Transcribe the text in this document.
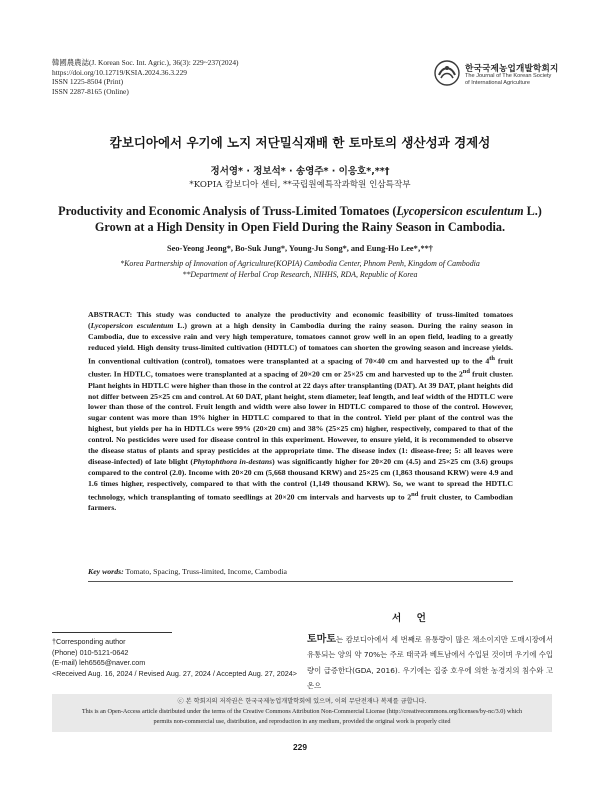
韓國農農誌(J. Korean Soc. Int. Agric.), 36(3): 229~237(2024)
https://doi.org/10.12719/KSIA.2024.36.3.229
ISSN 1225-8504 (Print)
ISSN 2287-8165 (Online)
한국국제농업개발학회지
The Journal of The Korean Society
of International Agriculture
캄보디아에서 우기에 노지 저단밀식재배 한 토마토의 생산성과 경제성
정서영* · 정보석* · 송영주* · 이응호*‚**†
*KOPIA 캄보디아 센터, **국립원예특작과학원 인삼특작부
Productivity and Economic Analysis of Truss-Limited Tomatoes (Lycopersicon esculentum L.)
Grown at a High Density in Open Field During the Rainy Season in Cambodia.
Seo-Yeong Jeong*, Bo-Suk Jung*, Young-Ju Song*, and Eung-Ho Lee*‚**†
*Korea Partnership of Innovation of Agriculture(KOPIA) Cambodia Center, Phnom Penh, Kingdom of Cambodia
**Department of Herbal Crop Research, NIHHS, RDA, Republic of Korea
ABSTRACT: This study was conducted to analyze the productivity and economic feasibility of truss-limited tomatoes (Lycopersicon esculentum L.) grown at a high density in Cambodia during the rainy season. During the rainy season in Cambodia, due to excessive rain and very high temperature, tomatoes cannot grow well in an open field, leading to a greatly reduced yield. High density truss-limited cultivation (HDTLC) of tomatoes can shorten the growing season and increase yields. In conventional cultivation (control), tomatoes were transplanted at a spacing of 70×40 cm and harvested up to the 4th fruit cluster. In HDTLC, tomatoes were transplanted at a spacing of 20×20 cm or 25×25 cm and harvested up to the 2nd fruit cluster. Plant heights in HDTLC were higher than those in the control at 22 days after transplanting (DAT). At 39 DAT, plant heights did not differ between 25×25 cm and control. At 60 DAT, plant height, stem diameter, leaf length, and leaf width of the HDTLC were lower than those of the control. Fruit length and width were also lower in HDTLC compared to those of the control. However, sugar content was more than 19% higher in HDTLC compared to that in the control. Yield per plant of the control was the highest, but yields per ha in HDTLCs were 99% (20×20 cm) and 38% (25×25 cm) higher, respectively, compared to that of the control. No pesticides were used for disease control in this experiment. However, to ensure yield, it is recommended to observe the disease status of plants and spray pesticides at the appropriate time. The disease index (1: disease-free; 5: all leaves were disease-infected) of late blight (Phytophthora in-destans) was significantly higher for 20×20 cm (4.5) and 25×25 cm (3.6) groups compared to the control (2.0). Income with 20×20 cm (5,668 thousand KRW) and 25×25 cm (1,863 thousand KRW) were 4.9 and 1.6 times higher, respectively, compared to that with the control (1,149 thousand KRW). So, we want to spread the HDTLC technology, which transplanting of tomato seedlings at 20×20 cm intervals and harvests up to 2nd fruit cluster, to Cambodian farmers.
Key words: Tomato, Spacing, Truss-limited, Income, Cambodia
서 언
†Corresponding author
(Phone) 010-5121-0642
(E-mail) leh6565@naver.com
<Received Aug. 16, 2024 / Revised Aug. 27, 2024 / Accepted Aug. 27, 2024>
토마토는 캄보디아에서 세 번째로 유통량이 많은 채소이지만 도매시장에서 유통되는 양의 약 70%는 주로 태국과 베트남에서 수입된 것이며 우기에 수입량이 급증한다(GDA, 2016). 우기에는 집중 호우에 의한 농경지의 침수와 고온으
ⓒ 본 학회지의 저작권은 한국국제농업개발학회에 있으며, 이의 무단전재나 복제를 금합니다.
This is an Open-Access article distributed under the terms of the Creative Commons Attribution Non-Commercial License (http://creativecommons.org/licenses/by-nc/3.0) which
permits non-commercial use, distribution, and reproduction in any medium, provided the original work is properly cited
229
